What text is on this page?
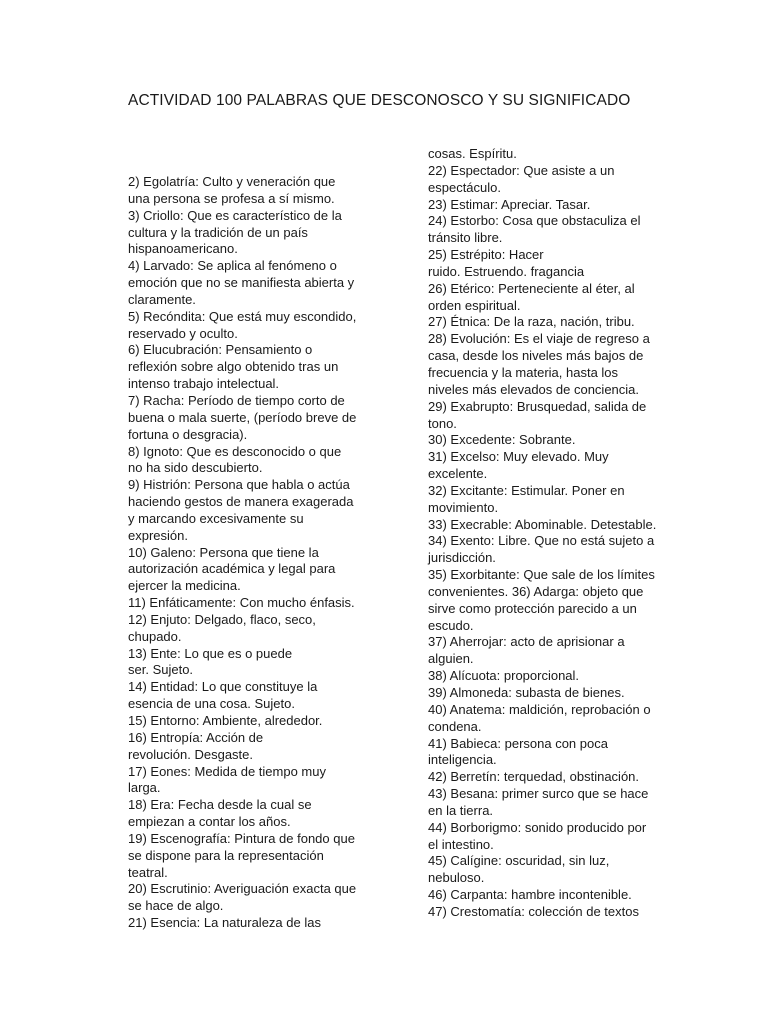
ACTIVIDAD 100 PALABRAS QUE DESCONOSCO Y SU SIGNIFICADO
2) Egolatría: Culto y veneración que
una persona se profesa a sí mismo.
3) Criollo: Que es característico de la
cultura y la tradición de un país
hispanoamericano.
4) Larvado: Se aplica al fenómeno o
emoción que no se manifiesta abierta y
claramente.
5) Recóndita: Que está muy escondido,
reservado y oculto.
6) Elucubración: Pensamiento o
reflexión sobre algo obtenido tras un
intenso trabajo intelectual.
7) Racha: Período de tiempo corto de
buena o mala suerte, (período breve de
fortuna o desgracia).
8) Ignoto: Que es desconocido o que
no ha sido descubierto.
9) Histrión: Persona que habla o actúa
haciendo gestos de manera exagerada
y marcando excesivamente su
expresión.
10) Galeno: Persona que tiene la
autorización académica y legal para
ejercer la medicina.
11) Enfáticamente: Con mucho énfasis.
12) Enjuto: Delgado, flaco, seco,
chupado.
13) Ente: Lo que es o puede
ser. Sujeto.
14) Entidad: Lo que constituye la
esencia de una cosa. Sujeto.
15) Entorno: Ambiente, alrededor.
16) Entropía: Acción de
revolución. Desgaste.
17) Eones: Medida de tiempo muy
larga.
18) Era: Fecha desde la cual se
empiezan a contar los años.
19) Escenografía: Pintura de fondo que
se dispone para la representación
teatral.
20) Escrutinio: Averiguación exacta que
se hace de algo.
21) Esencia: La naturaleza de las
cosas. Espíritu.
22) Espectador: Que asiste a un
espectáculo.
23) Estimar: Apreciar. Tasar.
24) Estorbo: Cosa que obstaculiza el
tránsito libre.
25) Estrépito: Hacer
ruido. Estruendo. fragancia
26) Etérico: Perteneciente al éter, al
orden espiritual.
27) Étnica: De la raza, nación, tribu.
28) Evolución: Es el viaje de regreso a
casa, desde los niveles más bajos de
frecuencia y la materia, hasta los
niveles más elevados de conciencia.
29) Exabrupto: Brusquedad, salida de
tono.
30) Excedente: Sobrante.
31) Excelso: Muy elevado. Muy
excelente.
32) Excitante: Estimular. Poner en
movimiento.
33) Execrable: Abominable. Detestable.
34) Exento: Libre. Que no está sujeto a
jurisdicción.
35) Exorbitante: Que sale de los límites
convenientes. 36) Adarga: objeto que
sirve como protección parecido a un
escudo.
37) Aherrojar: acto de aprisionar a
alguien.
38) Alícuota: proporcional.
39) Almoneda: subasta de bienes.
40) Anatema: maldición, reprobación o
condena.
41) Babieca: persona con poca
inteligencia.
42) Berretín: terquedad, obstinación.
43) Besana: primer surco que se hace
en la tierra.
44) Borborigmo: sonido producido por
el intestino.
45) Calígine: oscuridad, sin luz,
nebuloso.
46) Carpanta: hambre incontenible.
47) Crestomatía: colección de textos
